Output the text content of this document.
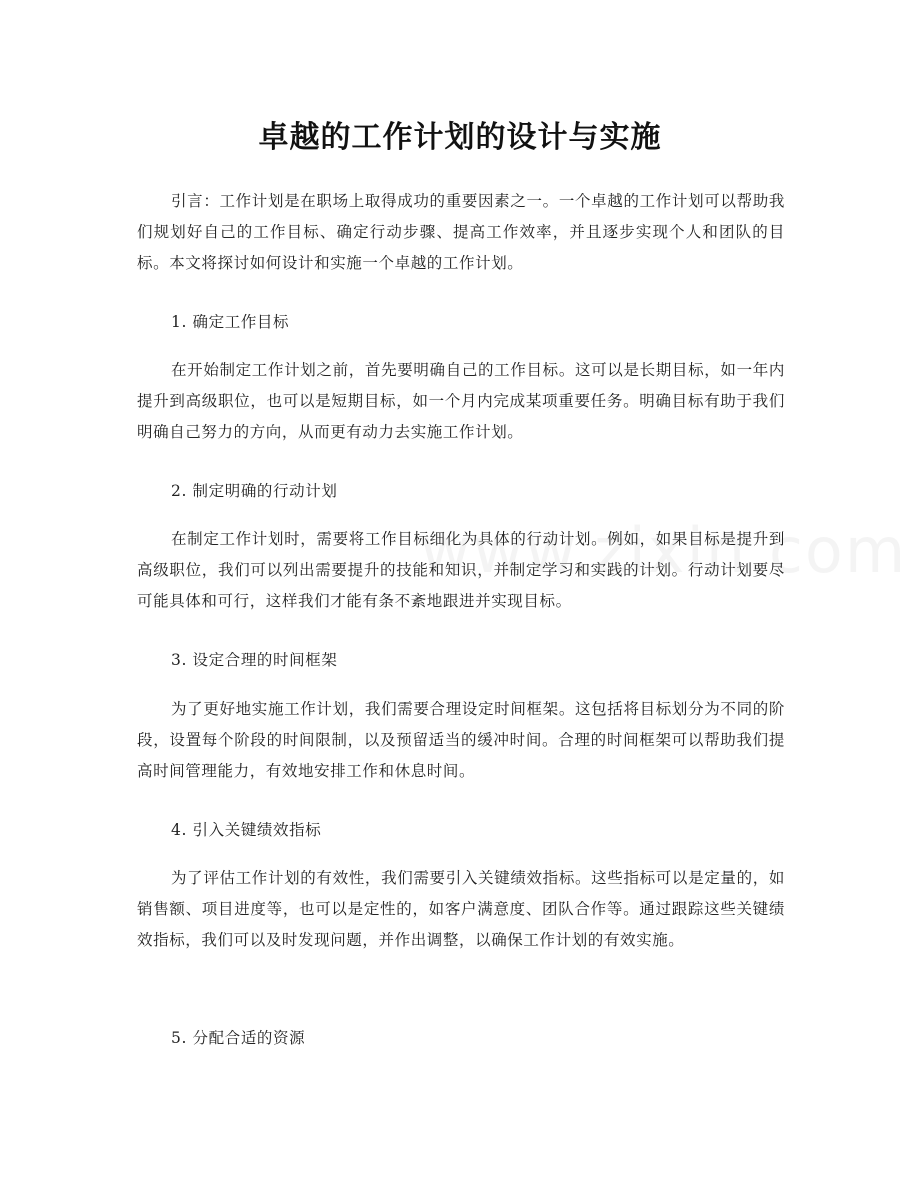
卓越的工作计划的设计与实施

引言：工作计划是在职场上取得成功的重要因素之一。一个卓越的工作计划可以帮助我们规划好自己的工作目标、确定行动步骤、提高工作效率，并且逐步实现个人和团队的目标。本文将探讨如何设计和实施一个卓越的工作计划。

1. 确定工作目标

在开始制定工作计划之前，首先要明确自己的工作目标。这可以是长期目标，如一年内提升到高级职位，也可以是短期目标，如一个月内完成某项重要任务。明确目标有助于我们明确自己努力的方向，从而更有动力去实施工作计划。

2. 制定明确的行动计划

在制定工作计划时，需要将工作目标细化为具体的行动计划。例如，如果目标是提升到高级职位，我们可以列出需要提升的技能和知识，并制定学习和实践的计划。行动计划要尽可能具体和可行，这样我们才能有条不紊地跟进并实现目标。

3. 设定合理的时间框架

为了更好地实施工作计划，我们需要合理设定时间框架。这包括将目标划分为不同的阶段，设置每个阶段的时间限制，以及预留适当的缓冲时间。合理的时间框架可以帮助我们提高时间管理能力，有效地安排工作和休息时间。

4. 引入关键绩效指标

为了评估工作计划的有效性，我们需要引入关键绩效指标。这些指标可以是定量的，如销售额、项目进度等，也可以是定性的，如客户满意度、团队合作等。通过跟踪这些关键绩效指标，我们可以及时发现问题，并作出调整，以确保工作计划的有效实施。

5. 分配合适的资源
